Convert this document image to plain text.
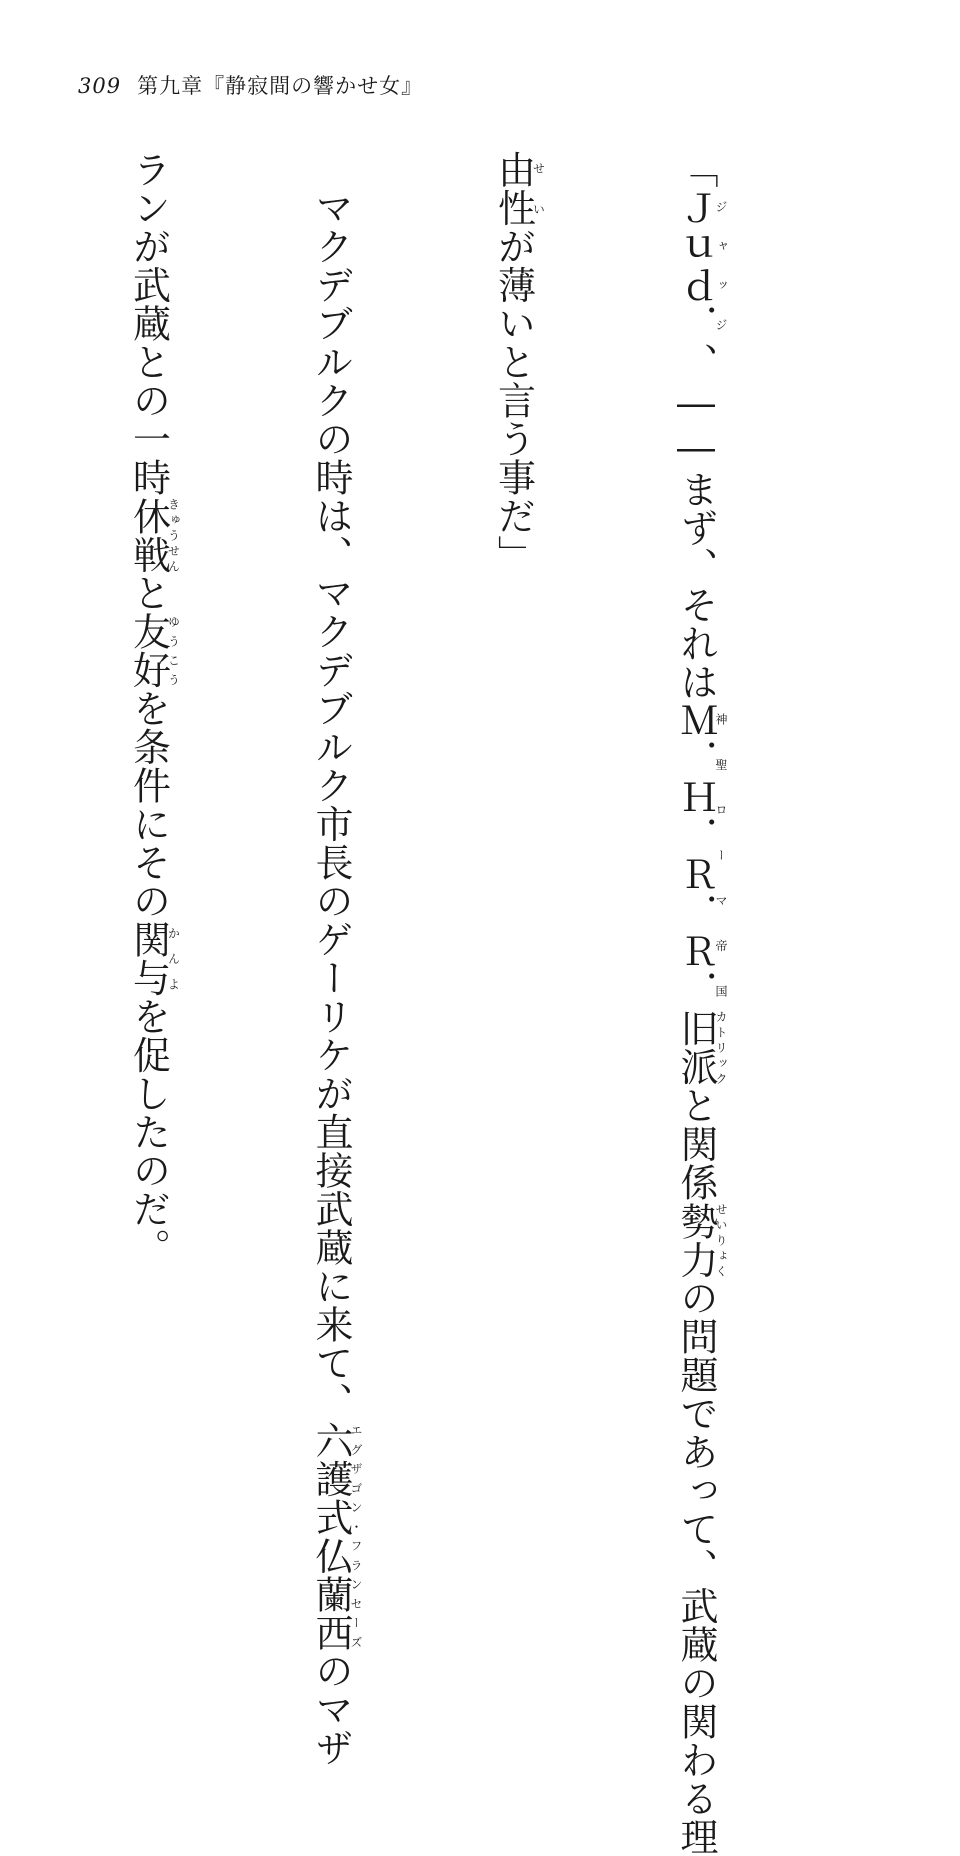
309 第九章『静寂間の響かせ女』

「Ｊｕｄ．ジャッジ、――まず、それはＭ．Ｈ．Ｒ．Ｒ．神聖ローマ帝国旧派カトリックと関係勢力せいりょくの問題であって、武蔵の関わる理

由性せいが薄いと言う事だ」

　マクデブルクの時は、マクデブルク市長のゲーリケが直接武蔵に来て、六護式仏蘭西エグザゴン・フランセーズのマザ

ランが武蔵との一時休戦きゅうせんと友好ゆうこうを条件にその関与かんよを促したのだ。
